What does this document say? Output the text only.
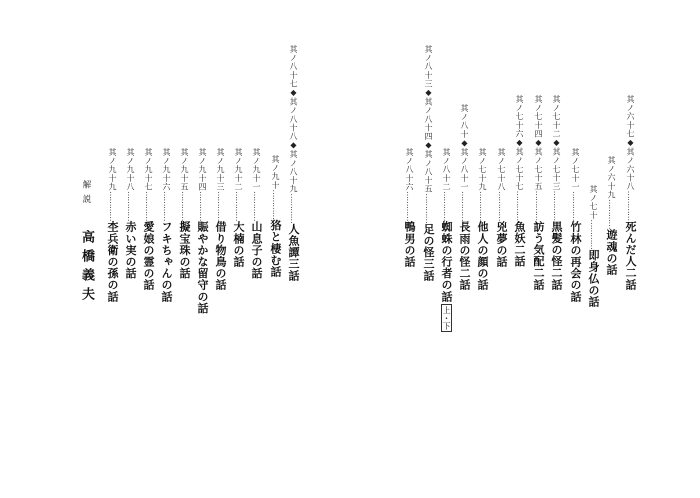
其ノ六十七◆其ノ六十八…………死んだ人二話
其ノ六十九…………遊魂の話
其ノ七十…………即身仏の話
其ノ七十一…………竹林の再会の話
其ノ七十二◆其ノ七十三…………黒髪の怪二話
其ノ七十四◆其ノ七十五…………訪う気配二話
其ノ七十六◆其ノ七十七…………魚妖二話
其ノ七十八…………兇夢の話
其ノ七十九…………他人の顔の話
其ノ八十◆其ノ八十一…………長雨の怪二話
其ノ八十二…………蜘蛛の行者の話上・下
其ノ八十三◆其ノ八十四◆其ノ八十五…………足の怪三話
其ノ八十六…………鴨男の話
其ノ八十七◆其ノ八十八◆其ノ八十九…………人魚譚三話
其ノ九十…………狢と棲む話
其ノ九十一…………山息子の話
其ノ九十二…………大楠の話
其ノ九十三…………借り物鳥の話
其ノ九十四…………賑やかな留守の話
其ノ九十五…………擬宝珠の話
其ノ九十六…………フキちゃんの話
其ノ九十七…………愛娘の霊の話
其ノ九十八…………赤い実の話
其ノ九十九…………杢兵衛の孫の話
解説
高橋義夫
